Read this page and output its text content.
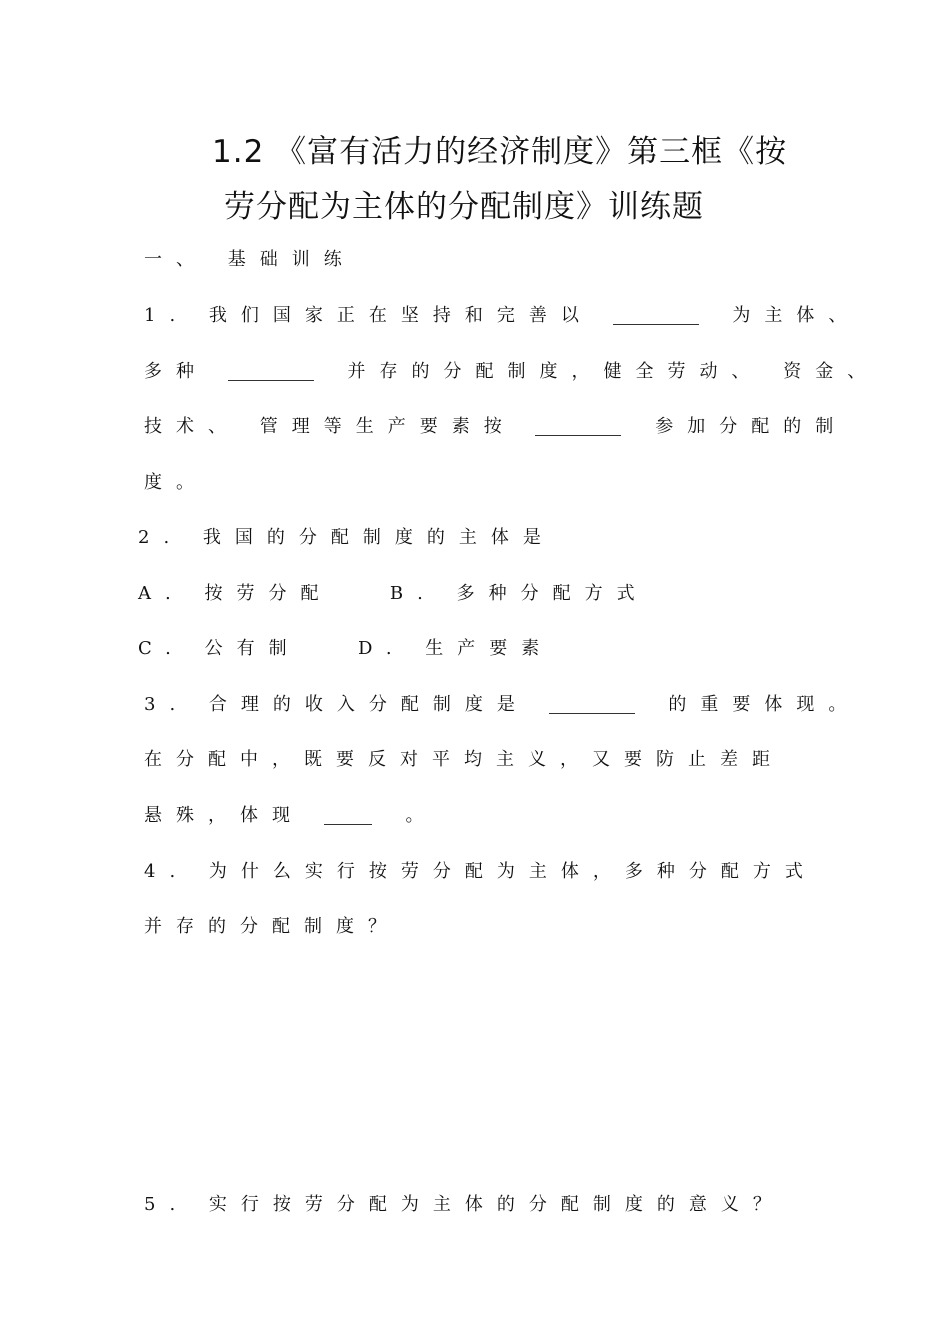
1.2 《富有活力的经济制度》第三框《按
劳分配为主体的分配制度》训练题
一、 基础训练
1. 我们国家正在坚持和完善以	为主体、
多种	并存的分配制度，健全劳动、 资金、
技术、 管理等生产要素按	参加分配的制
度。
2. 我国的分配制度的主体是
A. 按劳分配	B. 多种分配方式
C. 公有制	D. 生产要素
3. 合理的收入分配制度是	的重要体现。
在分配中，既要反对平均主义，又要防止差距
悬殊，体现	。
4. 为什么实行按劳分配为主体，多种分配方式
并存的分配制度？
5. 实行按劳分配为主体的分配制度的意义？
